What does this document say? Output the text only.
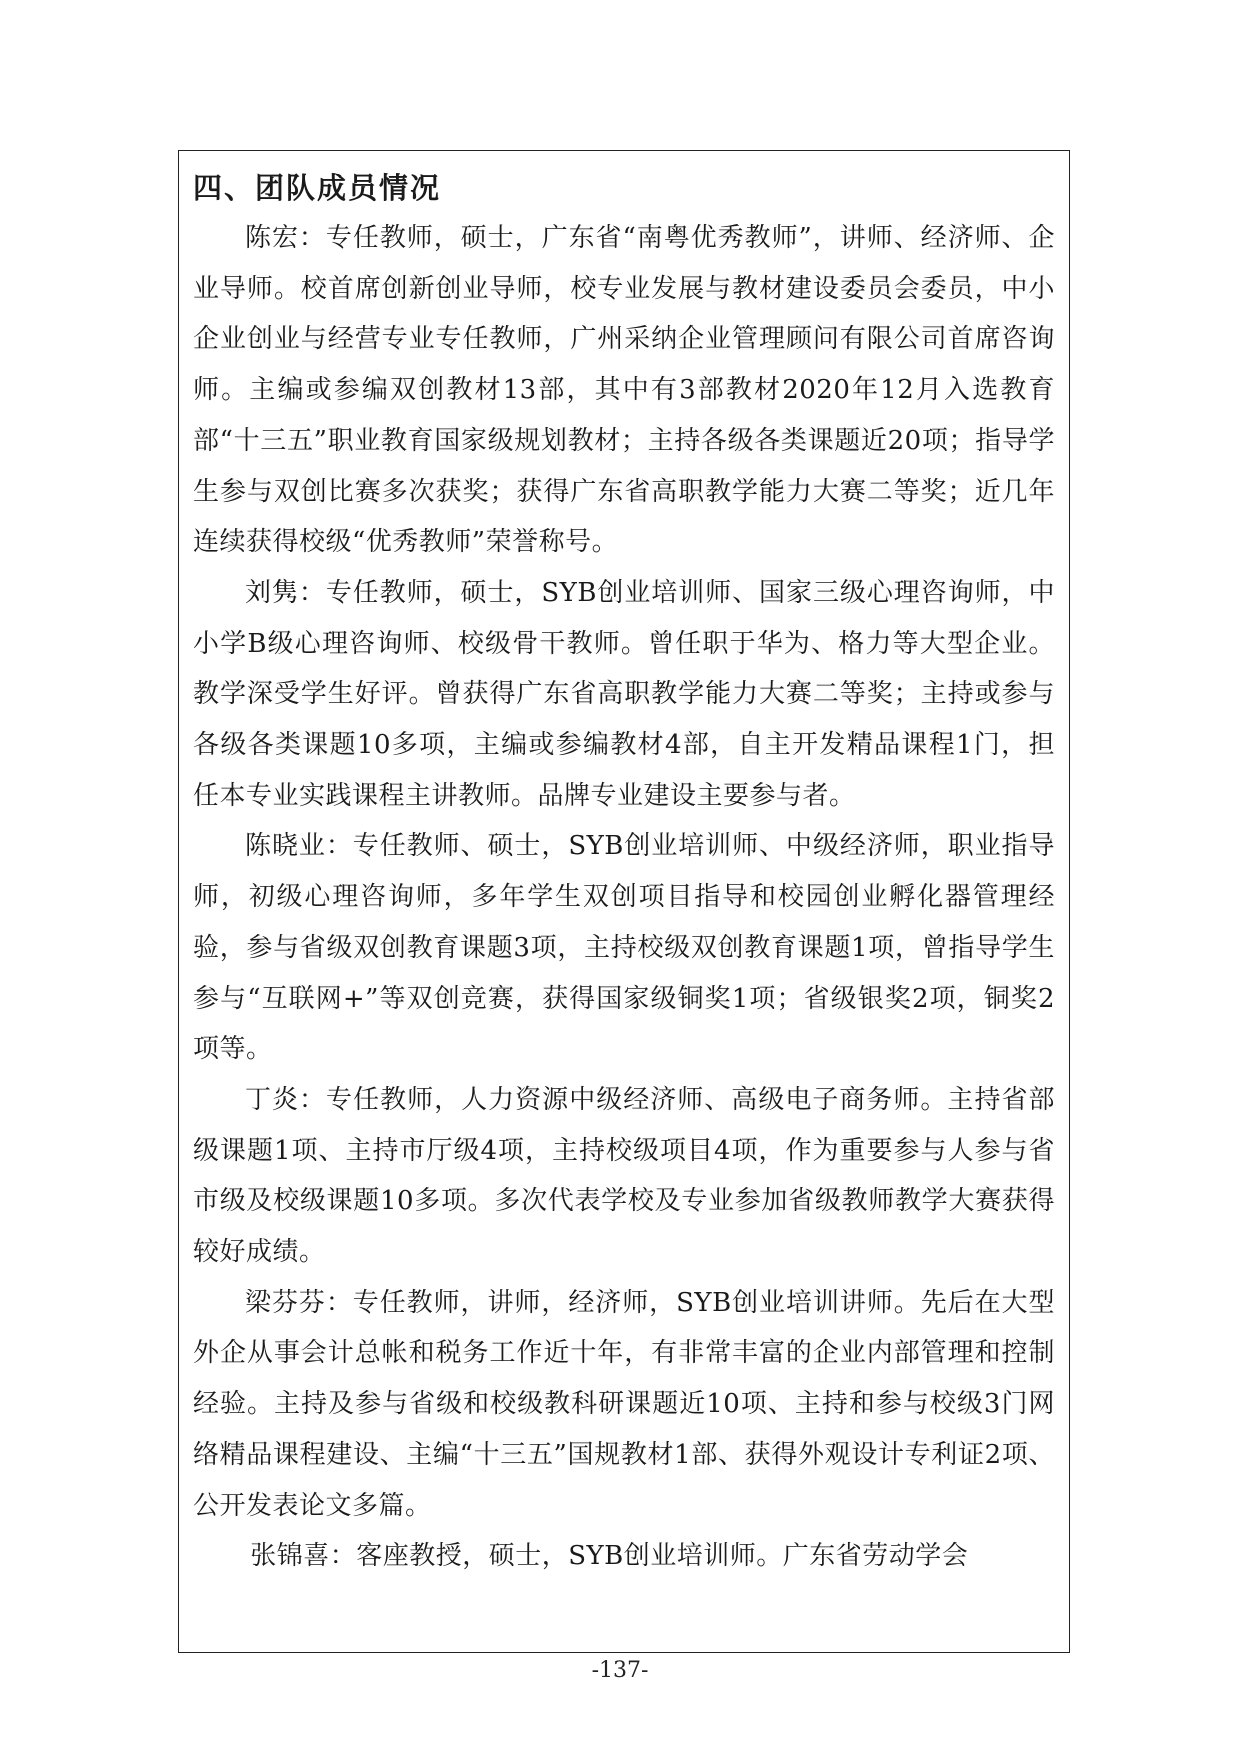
四、团队成员情况

陈宏：专任教师，硕士，广东省“南粤优秀教师”，讲师、经济师、企业导师。校首席创新创业导师，校专业发展与教材建设委员会委员，中小企业创业与经营专业专任教师，广州采纳企业管理顾问有限公司首席咨询师。主编或参编双创教材13部，其中有3部教材2020年12月入选教育部“十三五”职业教育国家级规划教材；主持各级各类课题近20项；指导学生参与双创比赛多次获奖；获得广东省高职教学能力大赛二等奖；近几年连续获得校级“优秀教师”荣誉称号。

刘隽：专任教师，硕士，SYB创业培训师、国家三级心理咨询师，中小学B级心理咨询师、校级骨干教师。曾任职于华为、格力等大型企业。教学深受学生好评。曾获得广东省高职教学能力大赛二等奖；主持或参与各级各类课题10多项，主编或参编教材4部，自主开发精品课程1门，担任本专业实践课程主讲教师。品牌专业建设主要参与者。

陈晓业：专任教师、硕士，SYB创业培训师、中级经济师，职业指导师，初级心理咨询师，多年学生双创项目指导和校园创业孵化器管理经验，参与省级双创教育课题3项，主持校级双创教育课题1项，曾指导学生参与“互联网+”等双创竞赛，获得国家级铜奖1项；省级银奖2项，铜奖2项等。

丁炎：专任教师，人力资源中级经济师、高级电子商务师。主持省部级课题1项、主持市厅级4项，主持校级项目4项，作为重要参与人参与省市级及校级课题10多项。多次代表学校及专业参加省级教师教学大赛获得较好成绩。

梁芬芬：专任教师，讲师，经济师，SYB创业培训讲师。先后在大型外企从事会计总帐和税务工作近十年，有非常丰富的企业内部管理和控制经验。主持及参与省级和校级教科研课题近10项、主持和参与校级3门网络精品课程建设、主编“十三五”国规教材1部、获得外观设计专利证2项、公开发表论文多篇。

张锦喜：客座教授，硕士，SYB创业培训师。广东省劳动学会

-137-
